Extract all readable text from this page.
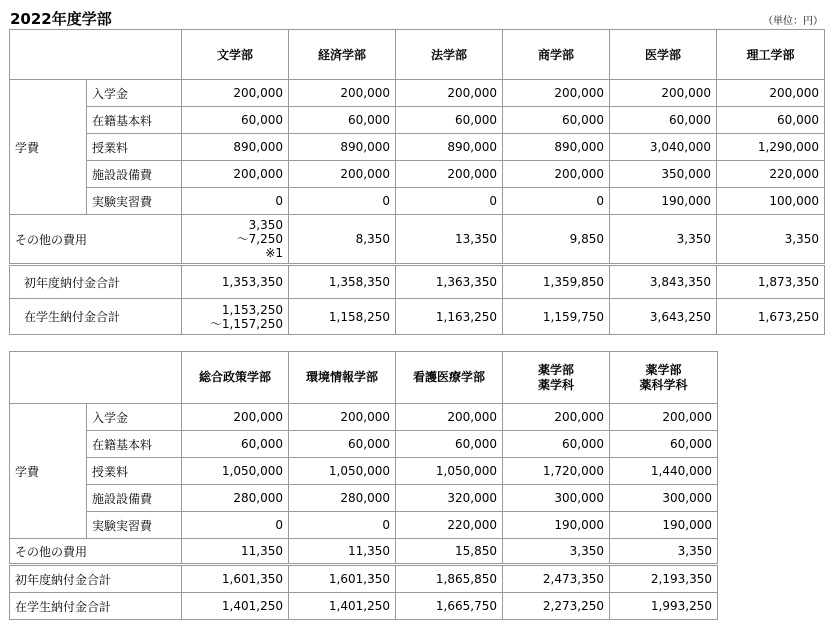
2022年度学部	（単位：円）
		文学部	経済学部	法学部	商学部	医学部	理工学部
学費	入学金	200,000	200,000	200,000	200,000	200,000	200,000
	在籍基本料	60,000	60,000	60,000	60,000	60,000	60,000
	授業料	890,000	890,000	890,000	890,000	3,040,000	1,290,000
	施設設備費	200,000	200,000	200,000	200,000	350,000	220,000
	実験実習費	0	0	0	0	190,000	100,000
その他の費用		3,350
～7,250
※1	8,350	13,350	9,850	3,350	3,350
初年度納付金合計		1,353,350	1,358,350	1,363,350	1,359,850	3,843,350	1,873,350
在学生納付金合計		1,153,250
～1,157,250	1,158,250	1,163,250	1,159,750	3,643,250	1,673,250

		総合政策学部	環境情報学部	看護医療学部	薬学部
薬学科	薬学部
薬科学科

学費	入学金	200,000	200,000	200,000	200,000	200,000
	在籍基本料	60,000	60,000	60,000	60,000	60,000
	授業料	1,050,000	1,050,000	1,050,000	1,720,000	1,440,000
	施設設備費	280,000	280,000	320,000	300,000	300,000
	実験実習費	0	0	220,000	190,000	190,000
その他の費用		11,350	11,350	15,850	3,350	3,350
初年度納付金合計		1,601,350	1,601,350	1,865,850	2,473,350	2,193,350
在学生納付金合計		1,401,250	1,401,250	1,665,750	2,273,250	1,993,250
